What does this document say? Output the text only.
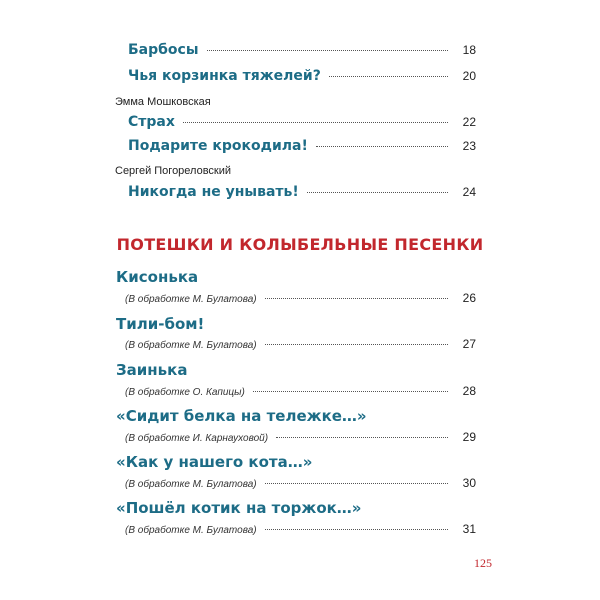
Барбосы	18
Чья корзинка тяжелей?	20
Эмма Мошковская
Страх	22
Подарите крокодила!	23
Сергей Погореловский
Никогда не унывать!	24
ПОТЕШКИ И КОЛЫБЕЛЬНЫЕ ПЕСЕНКИ
Кисонька
(В обработке М. Булатова)	26
Тили-бом!
(В обработке М. Булатова)	27
Заинька
(В обработке О. Капицы)	28
«Сидит белка на тележке…»
(В обработке И. Карнауховой)	29
«Как у нашего кота…»
(В обработке М. Булатова)	30
«Пошёл котик на торжок…»
(В обработке М. Булатова)	31
125
